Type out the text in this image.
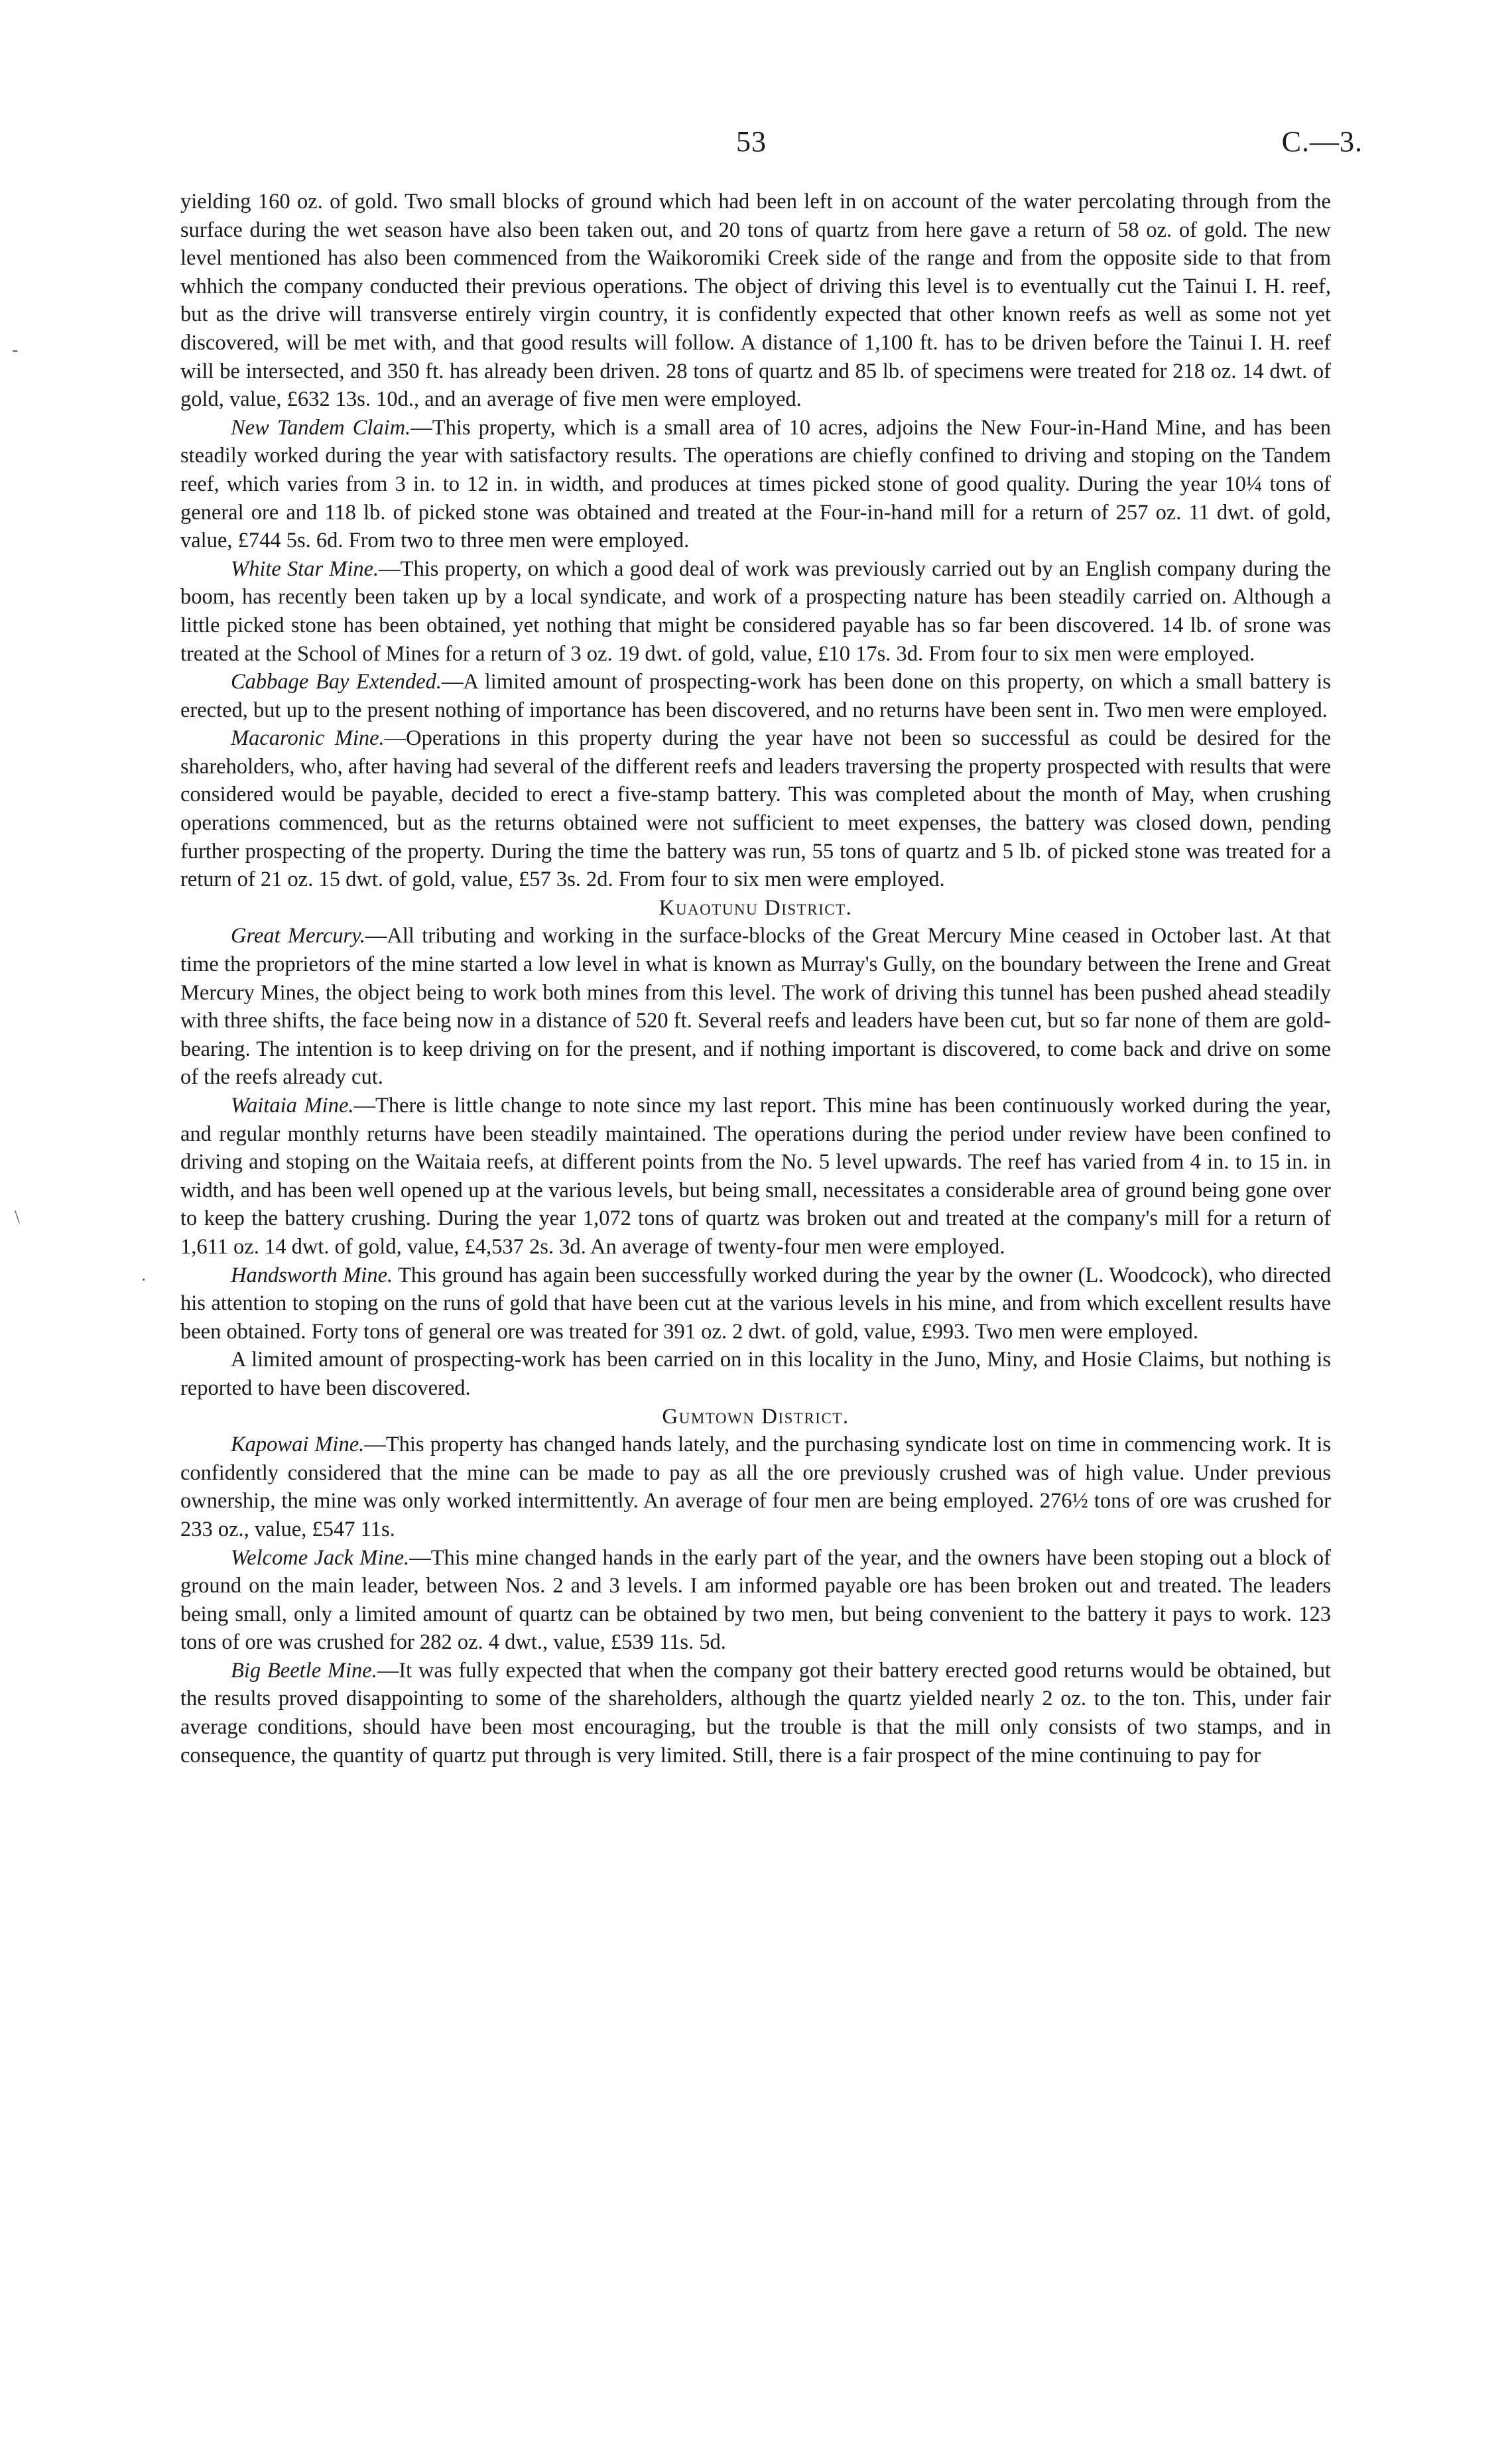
53	C.—3.
-
\
·

yielding 160 oz. of gold. Two small blocks of ground which had been left in on account of the water percolating through from the surface during the wet season have also been taken out, and 20 tons of quartz from here gave a return of 58 oz. of gold. The new level mentioned has also been commenced from the Waikoromiki Creek side of the range and from the opposite side to that from whhich the company conducted their previous operations. The object of driving this level is to eventually cut the Tainui I. H. reef, but as the drive will transverse entirely virgin country, it is confidently expected that other known reefs as well as some not yet discovered, will be met with, and that good results will follow. A distance of 1,100 ft. has to be driven before the Tainui I. H. reef will be intersected, and 350 ft. has already been driven. 28 tons of quartz and 85 lb. of specimens were treated for 218 oz. 14 dwt. of gold, value, £632 13s. 10d., and an average of five men were employed.

New Tandem Claim.—This property, which is a small area of 10 acres, adjoins the New Four-in-Hand Mine, and has been steadily worked during the year with satisfactory results. The operations are chiefly confined to driving and stoping on the Tandem reef, which varies from 3 in. to 12 in. in width, and produces at times picked stone of good quality. During the year 10¼ tons of general ore and 118 lb. of picked stone was obtained and treated at the Four-in-hand mill for a return of 257 oz. 11 dwt. of gold, value, £744 5s. 6d. From two to three men were employed.

White Star Mine.—This property, on which a good deal of work was previously carried out by an English company during the boom, has recently been taken up by a local syndicate, and work of a prospecting nature has been steadily carried on. Although a little picked stone has been obtained, yet nothing that might be considered payable has so far been discovered. 14 lb. of srone was treated at the School of Mines for a return of 3 oz. 19 dwt. of gold, value, £10 17s. 3d. From four to six men were employed.

Cabbage Bay Extended.—A limited amount of prospecting-work has been done on this property, on which a small battery is erected, but up to the present nothing of importance has been discovered, and no returns have been sent in. Two men were employed.

Macaronic Mine.—Operations in this property during the year have not been so successful as could be desired for the shareholders, who, after having had several of the different reefs and leaders traversing the property prospected with results that were considered would be payable, decided to erect a five-stamp battery. This was completed about the month of May, when crushing operations commenced, but as the returns obtained were not sufficient to meet expenses, the battery was closed down, pending further prospecting of the property. During the time the battery was run, 55 tons of quartz and 5 lb. of picked stone was treated for a return of 21 oz. 15 dwt. of gold, value, £57 3s. 2d. From four to six men were employed.

Kuaotunu District.

Great Mercury.—All tributing and working in the surface-blocks of the Great Mercury Mine ceased in October last. At that time the proprietors of the mine started a low level in what is known as Murray's Gully, on the boundary between the Irene and Great Mercury Mines, the object being to work both mines from this level. The work of driving this tunnel has been pushed ahead steadily with three shifts, the face being now in a distance of 520 ft. Several reefs and leaders have been cut, but so far none of them are gold-bearing. The intention is to keep driving on for the present, and if nothing important is discovered, to come back and drive on some of the reefs already cut.

Waitaia Mine.—There is little change to note since my last report. This mine has been continuously worked during the year, and regular monthly returns have been steadily maintained. The operations during the period under review have been confined to driving and stoping on the Waitaia reefs, at different points from the No. 5 level upwards. The reef has varied from 4 in. to 15 in. in width, and has been well opened up at the various levels, but being small, necessitates a considerable area of ground being gone over to keep the battery crushing. During the year 1,072 tons of quartz was broken out and treated at the company's mill for a return of 1,611 oz. 14 dwt. of gold, value, £4,537 2s. 3d. An average of twenty-four men were employed.

Handsworth Mine. This ground has again been successfully worked during the year by the owner (L. Woodcock), who directed his attention to stoping on the runs of gold that have been cut at the various levels in his mine, and from which excellent results have been obtained. Forty tons of general ore was treated for 391 oz. 2 dwt. of gold, value, £993. Two men were employed.

A limited amount of prospecting-work has been carried on in this locality in the Juno, Miny, and Hosie Claims, but nothing is reported to have been discovered.

Gumtown District.

Kapowai Mine.—This property has changed hands lately, and the purchasing syndicate lost on time in commencing work. It is confidently considered that the mine can be made to pay as all the ore previously crushed was of high value. Under previous ownership, the mine was only worked intermittently. An average of four men are being employed. 276½ tons of ore was crushed for 233 oz., value, £547 11s.

Welcome Jack Mine.—This mine changed hands in the early part of the year, and the owners have been stoping out a block of ground on the main leader, between Nos. 2 and 3 levels. I am informed payable ore has been broken out and treated. The leaders being small, only a limited amount of quartz can be obtained by two men, but being convenient to the battery it pays to work. 123 tons of ore was crushed for 282 oz. 4 dwt., value, £539 11s. 5d.

Big Beetle Mine.—It was fully expected that when the company got their battery erected good returns would be obtained, but the results proved disappointing to some of the shareholders, although the quartz yielded nearly 2 oz. to the ton. This, under fair average conditions, should have been most encouraging, but the trouble is that the mill only consists of two stamps, and in consequence, the quantity of quartz put through is very limited. Still, there is a fair prospect of the mine continuing to pay for
